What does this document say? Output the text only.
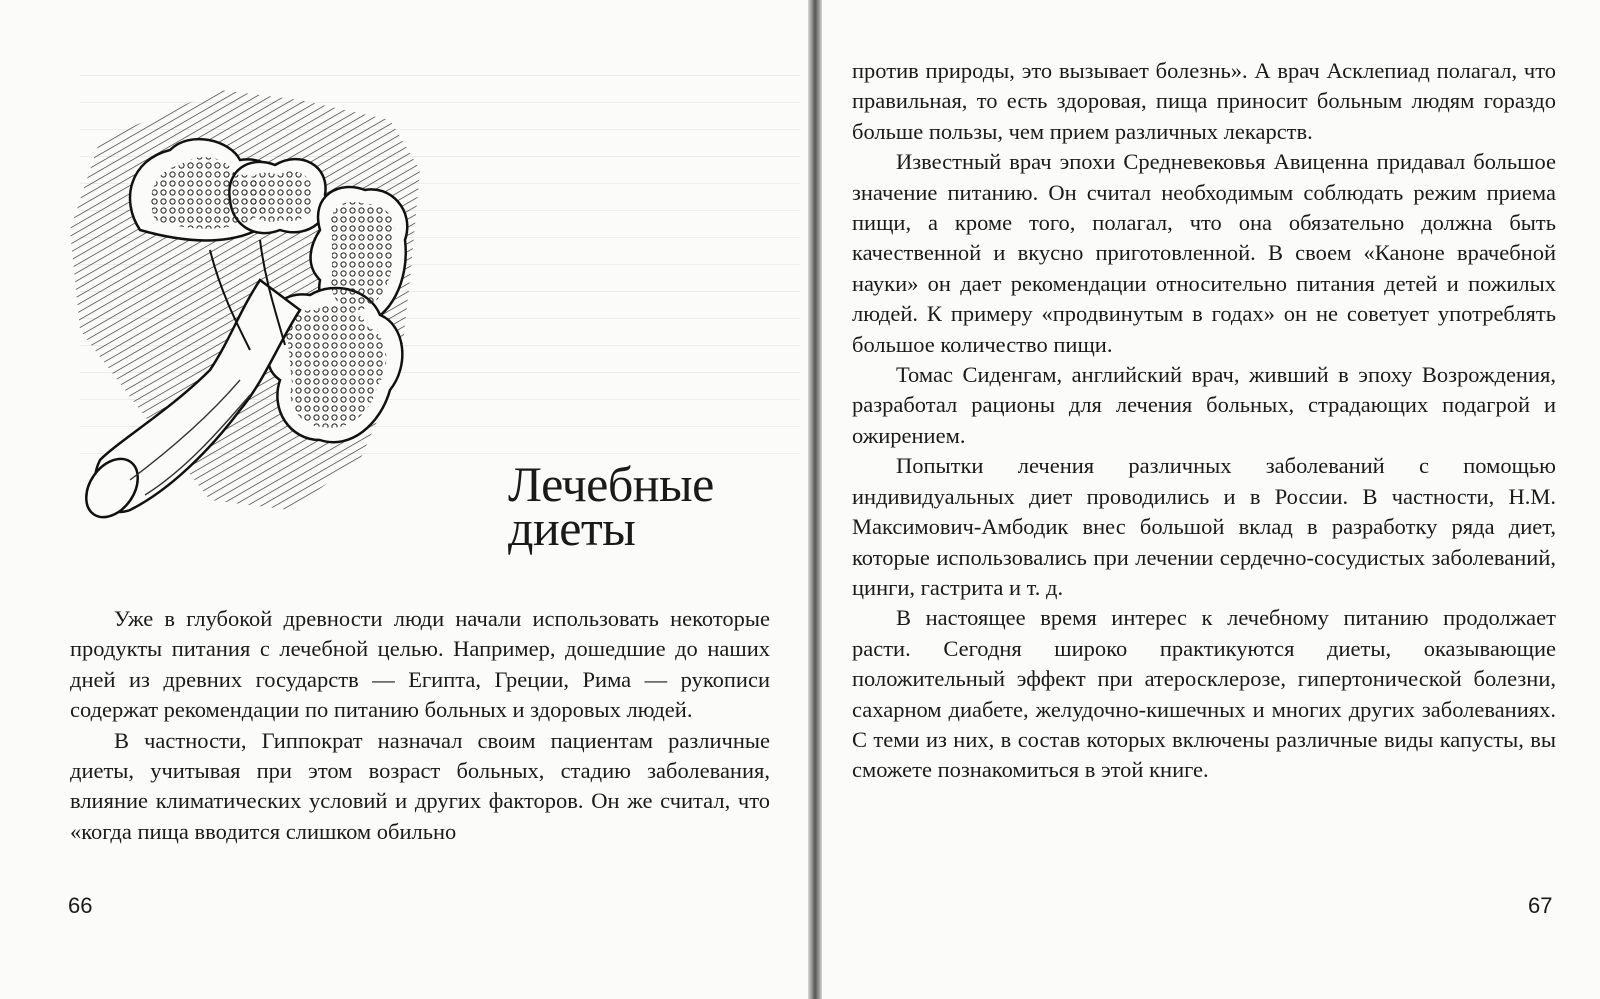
Лечебные
диеты

Уже в глубокой древности люди начали использовать некоторые продукты питания с лечебной целью. Например, дошедшие до наших дней из древних государств — Египта, Греции, Рима — рукописи содержат рекомендации по питанию больных и здоровых людей.

В частности, Гиппократ назначал своим пациентам различные диеты, учитывая при этом возраст больных, стадию заболевания, влияние климатических условий и других факторов. Он же считал, что «когда пища вводится слишком обильно

66

против природы, это вызывает болезнь». А врач Асклепиад полагал, что правильная, то есть здоровая, пища приносит больным людям гораздо больше пользы, чем прием различных лекарств.

Известный врач эпохи Средневековья Авиценна придавал большое значение питанию. Он считал необходимым соблюдать режим приема пищи, а кроме того, полагал, что она обязательно должна быть качественной и вкусно приготовленной. В своем «Каноне врачебной науки» он дает рекомендации относительно питания детей и пожилых людей. К примеру «продвинутым в годах» он не советует употреблять большое количество пищи.

Томас Сиденгам, английский врач, живший в эпоху Возрождения, разработал рационы для лечения больных, страдающих подагрой и ожирением.

Попытки лечения различных заболеваний с помощью индивидуальных диет проводились и в России. В частности, Н.М. Максимович-Амбодик внес большой вклад в разработку ряда диет, которые использовались при лечении сердечно-сосудистых заболеваний, цинги, гастрита и т. д.

В настоящее время интерес к лечебному питанию продолжает расти. Сегодня широко практикуются диеты, оказывающие положительный эффект при атеросклерозе, гипертонической болезни, сахарном диабете, желудочно-кишечных и многих других заболеваниях. С теми из них, в состав которых включены различные виды капусты, вы сможете познакомиться в этой книге.

67
